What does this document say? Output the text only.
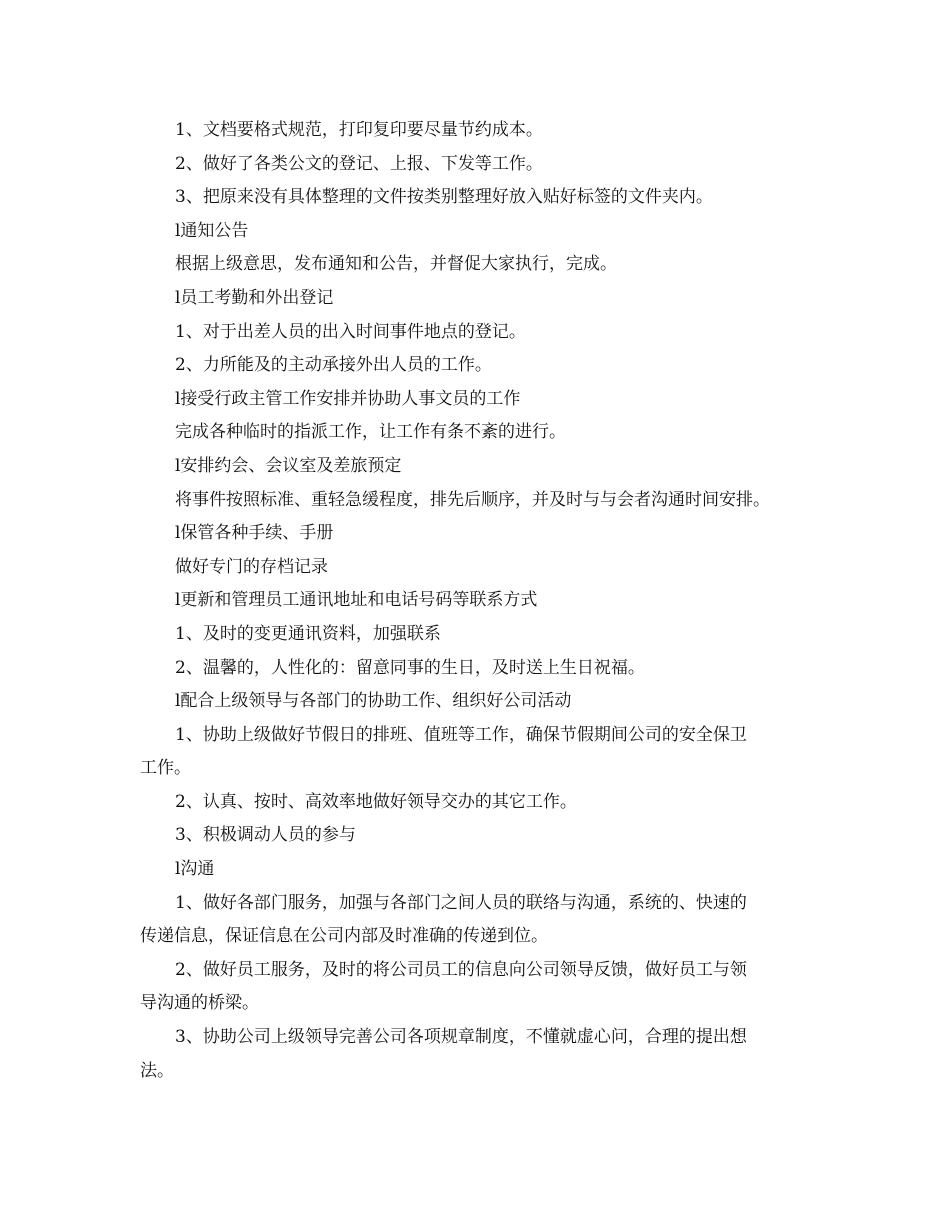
1、文档要格式规范，打印复印要尽量节约成本。
2、做好了各类公文的登记、上报、下发等工作。
3、把原来没有具体整理的文件按类别整理好放入贴好标签的文件夹内。
l通知公告
根据上级意思，发布通知和公告，并督促大家执行，完成。
l员工考勤和外出登记
1、对于出差人员的出入时间事件地点的登记。
2、力所能及的主动承接外出人员的工作。
l接受行政主管工作安排并协助人事文员的工作
完成各种临时的指派工作，让工作有条不紊的进行。
l安排约会、会议室及差旅预定
将事件按照标准、重轻急缓程度，排先后顺序，并及时与与会者沟通时间安排。
l保管各种手续、手册
做好专门的存档记录
l更新和管理员工通讯地址和电话号码等联系方式
1、及时的变更通讯资料，加强联系
2、温馨的，人性化的：留意同事的生日，及时送上生日祝福。
l配合上级领导与各部门的协助工作、组织好公司活动
1、协助上级做好节假日的排班、值班等工作，确保节假期间公司的安全保卫
工作。
2、认真、按时、高效率地做好领导交办的其它工作。
3、积极调动人员的参与
l沟通
1、做好各部门服务，加强与各部门之间人员的联络与沟通，系统的、快速的
传递信息，保证信息在公司内部及时准确的传递到位。
2、做好员工服务，及时的将公司员工的信息向公司领导反馈，做好员工与领
导沟通的桥梁。
3、协助公司上级领导完善公司各项规章制度，不懂就虚心问，合理的提出想
法。
